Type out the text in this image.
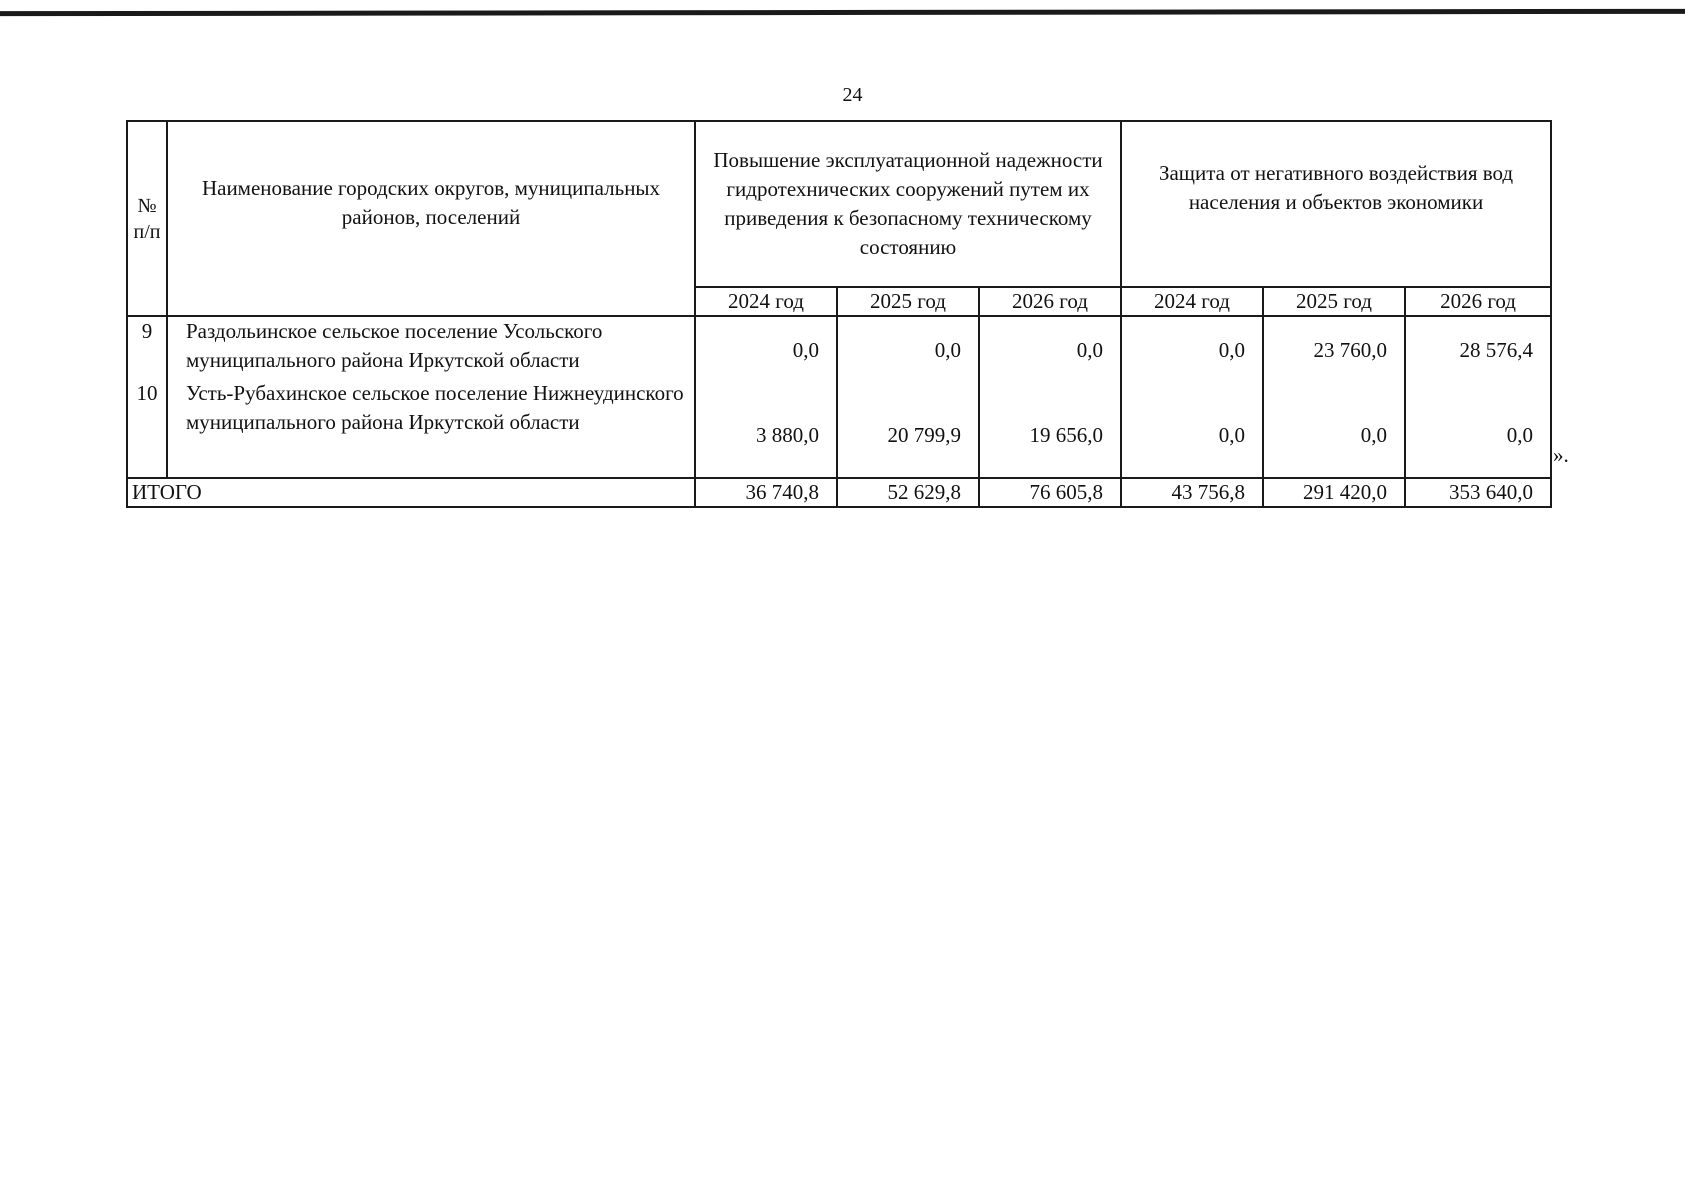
24
№ п/п	Наименование городских округов, муниципальных районов, поселений	Повышение эксплуатационной надежности гидротехнических сооружений путем их приведения к безопасному техническому состоянию			Защита от негативного воздействия вод населения и объектов экономики		
		2024 год	2025 год	2026 год	2024 год	2025 год	2026 год
9	Раздольинское сельское поселение Усольского муниципального района Иркутской области	0,0	0,0	0,0	0,0	23 760,0	28 576,4
10	Усть-Рубахинское сельское поселение Нижнеудинского муниципального района Иркутской области	3 880,0	20 799,9	19 656,0	0,0	0,0	0,0
ИТОГО		36 740,8	52 629,8	76 605,8	43 756,8	291 420,0	353 640,0
».
